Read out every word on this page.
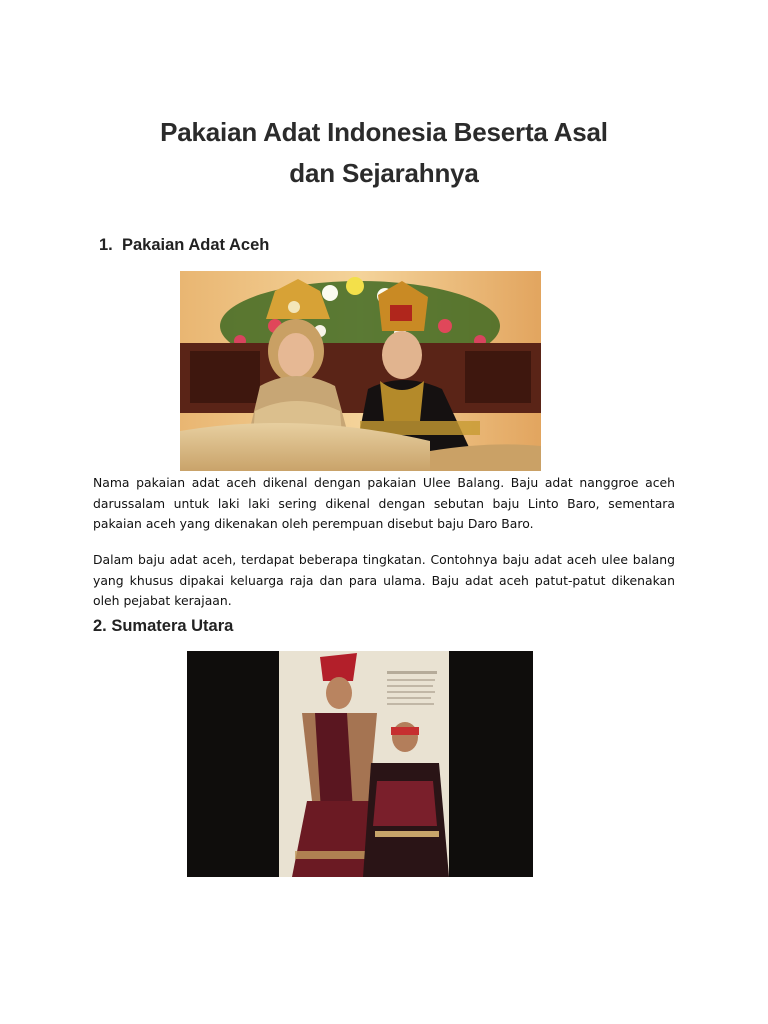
Pakaian Adat Indonesia Beserta Asal
dan Sejarahnya
1. Pakaian Adat Aceh
Nama pakaian adat aceh dikenal dengan pakaian Ulee Balang. Baju adat nanggroe aceh darussalam untuk laki laki sering dikenal dengan sebutan baju Linto Baro, sementara pakaian aceh yang dikenakan oleh perempuan disebut baju Daro Baro.
Dalam baju adat aceh, terdapat beberapa tingkatan. Contohnya baju adat aceh ulee balang yang khusus dipakai keluarga raja dan para ulama. Baju adat aceh patut-patut dikenakan oleh pejabat kerajaan.
2. Sumatera Utara
